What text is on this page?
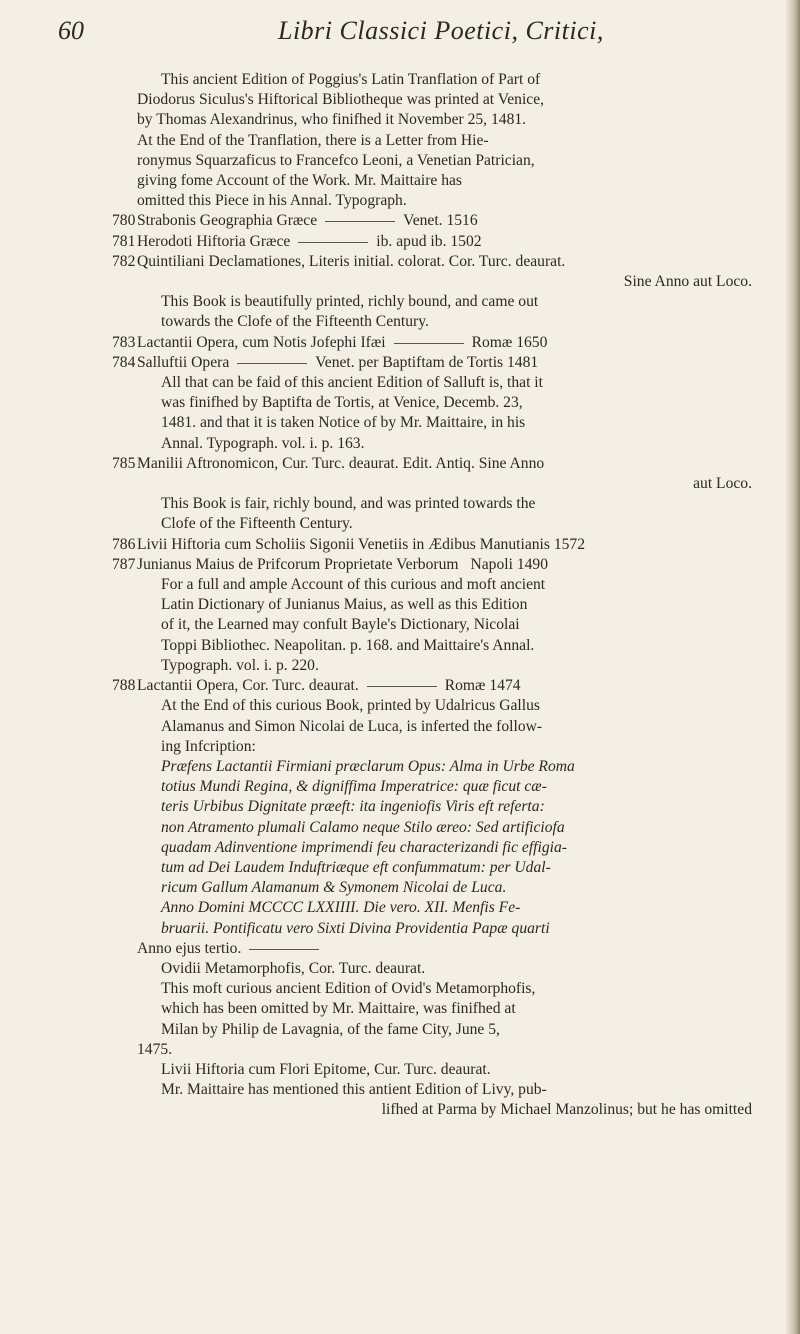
60	Libri Classici Poetici, Critici,
This ancient Edition of Poggius's Latin Tranflation of Part of
Diodorus Siculus's Hiftorical Bibliotheque was printed at Venice,
by Thomas Alexandrinus, who finifhed it November 25, 1481.
At the End of the Tranflation, there is a Letter from Hie-
ronymus Squarzaficus to Francefco Leoni, a Venetian Patrician,
giving fome Account of the Work. Mr. Maittaire has
omitted this Piece in his Annal. Typograph.
780 Strabonis Geographia Græce	Venet. 1516
781 Herodoti Hiftoria Græce	ib. apud ib. 1502
782 Quintiliani Declamationes, Literis initial. colorat. Cor. Turc. deaurat.
Sine Anno aut Loco.
This Book is beautifully printed, richly bound, and came out
towards the Clofe of the Fifteenth Century.
783 Lactantii Opera, cum Notis Jofephi Ifæi	Romæ 1650
784 Salluftii Opera	Venet. per Baptiftam de Tortis 1481
All that can be faid of this ancient Edition of Salluft is, that it
was finifhed by Baptifta de Tortis, at Venice, Decemb. 23,
1481. and that it is taken Notice of by Mr. Maittaire, in his
Annal. Typograph. vol. i. p. 163.
785 Manilii Aftronomicon, Cur. Turc. deaurat. Edit. Antiq. Sine Anno
aut Loco.
This Book is fair, richly bound, and was printed towards the
Clofe of the Fifteenth Century.
786 Livii Hiftoria cum Scholiis Sigonii Venetiis in Ædibus Manutianis 1572
787 Junianus Maius de Prifcorum Proprietate Verborum Napoli 1490
For a full and ample Account of this curious and moft ancient
Latin Dictionary of Junianus Maius, as well as this Edition
of it, the Learned may confult Bayle's Dictionary, Nicolai
Toppi Bibliothec. Neapolitan. p. 168. and Maittaire's Annal.
Typograph. vol. i. p. 220.
788 Lactantii Opera, Cor. Turc. deaurat.	Romæ 1474
At the End of this curious Book, printed by Udalricus Gallus
Alamanus and Simon Nicolai de Luca, is inferted the follow-
ing Infcription:
Præfens Lactantii Firmiani præclarum Opus: Alma in Urbe Roma
totius Mundi Regina, & digniffima Imperatrice: quæ ficut cæ-
teris Urbibus Dignitate præeft: ita ingeniofis Viris eft referta:
non Atramento plumali Calamo neque Stilo æreo: Sed artificiofa
quadam Adinventione imprimendi feu characterizandi fic effigia-
tum ad Dei Laudem Induftriæque eft confummatum: per Udal-
ricum Gallum Alamanum & Symonem Nicolai de Luca.
Anno Domini MCCCC LXXIIII. Die vero. XII. Menfis Fe-
bruarii. Pontificatu vero Sixti Divina Providentia Papæ quarti
Anno ejus tertio.
Ovidii Metamorphofis, Cor. Turc. deaurat.
This moft curious ancient Edition of Ovid's Metamorphofis,
which has been omitted by Mr. Maittaire, was finifhed at
Milan by Philip de Lavagnia, of the fame City, June 5,
1475.
Livii Hiftoria cum Flori Epitome, Cur. Turc. deaurat.
Mr. Maittaire has mentioned this antient Edition of Livy, pub-
lifhed at Parma by Michael Manzolinus; but he has omitted
